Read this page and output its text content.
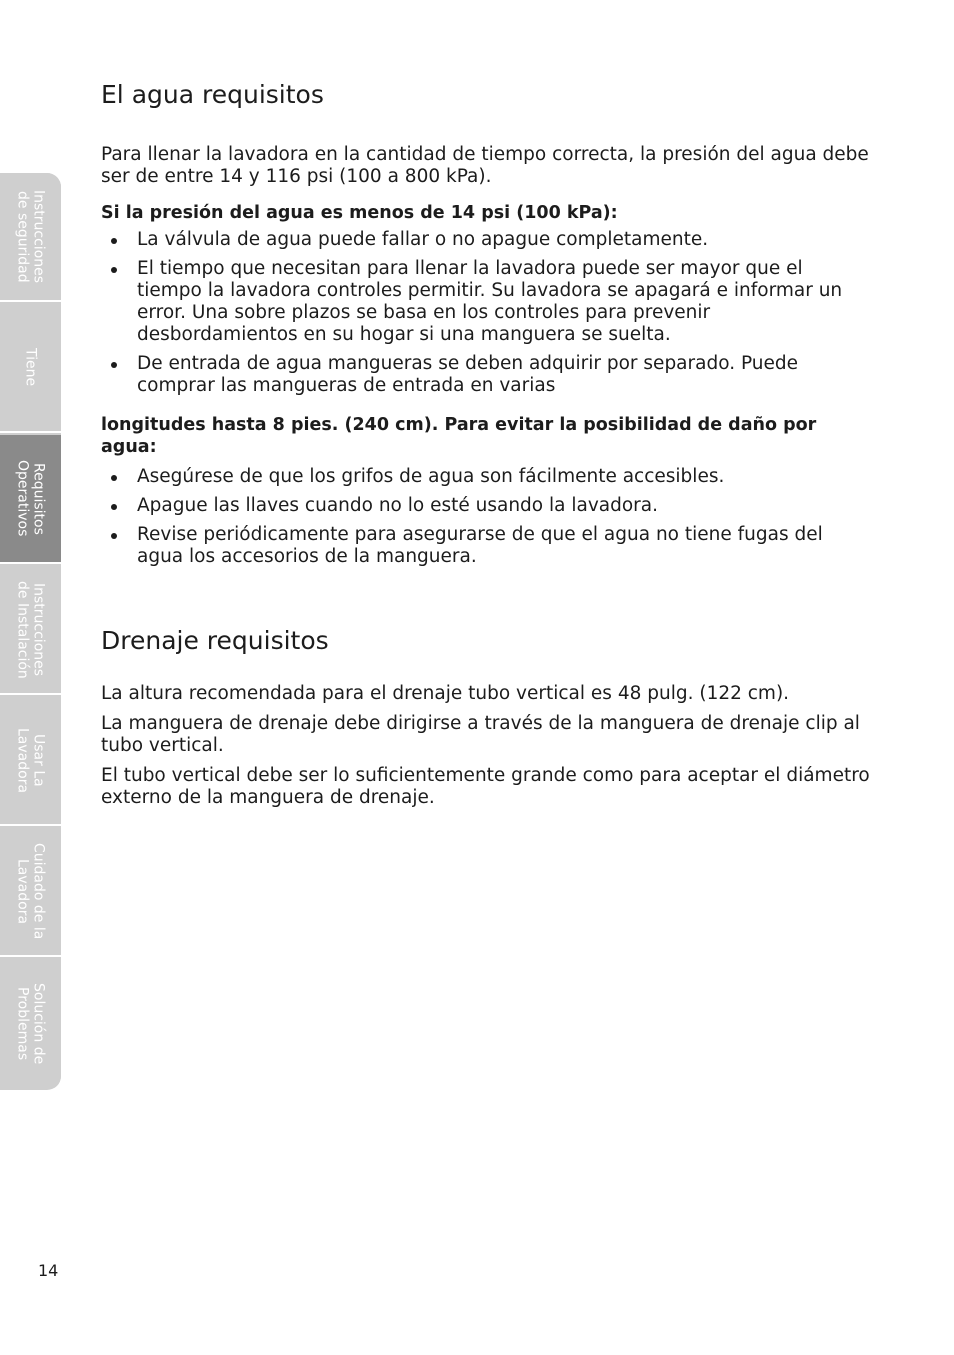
Instrucciones
de seguridad
Tiene
Requisitos
Operativos
Instrucciones
de Instalación
Usar La
Lavadora
Cuidado de la
Lavadora
Solución de
Problemas
El agua requisitos

Para llenar la lavadora en la cantidad de tiempo correcta, la presión del agua debe ser de entre 14 y 116 psi (100 a 800 kPa).

Si la presión del agua es menos de 14 psi (100 kPa):

La válvula de agua puede fallar o no apague completamente.
El tiempo que necesitan para llenar la lavadora puede ser mayor que el tiempo la lavadora controles permitir. Su lavadora se apagará e informar un error. Una sobre plazos se basa en los controles para prevenir desbordamientos en su hogar si una manguera se suelta.
De entrada de agua mangueras se deben adquirir por separado. Puede comprar las mangueras de entrada en varias

longitudes hasta 8 pies. (240 cm). Para evitar la posibilidad de daño por agua:

Asegúrese de que los grifos de agua son fácilmente accesibles.
Apague las llaves cuando no lo esté usando la lavadora.
Revise periódicamente para asegurarse de que el agua no tiene fugas del agua los accesorios de la manguera.
Drenaje requisitos

La altura recomendada para el drenaje tubo vertical es 48 pulg. (122 cm).

La manguera de drenaje debe dirigirse a través de la manguera de drenaje clip al tubo vertical.

El tubo vertical debe ser lo suficientemente grande como para aceptar el diámetro externo de la manguera de drenaje.

14
